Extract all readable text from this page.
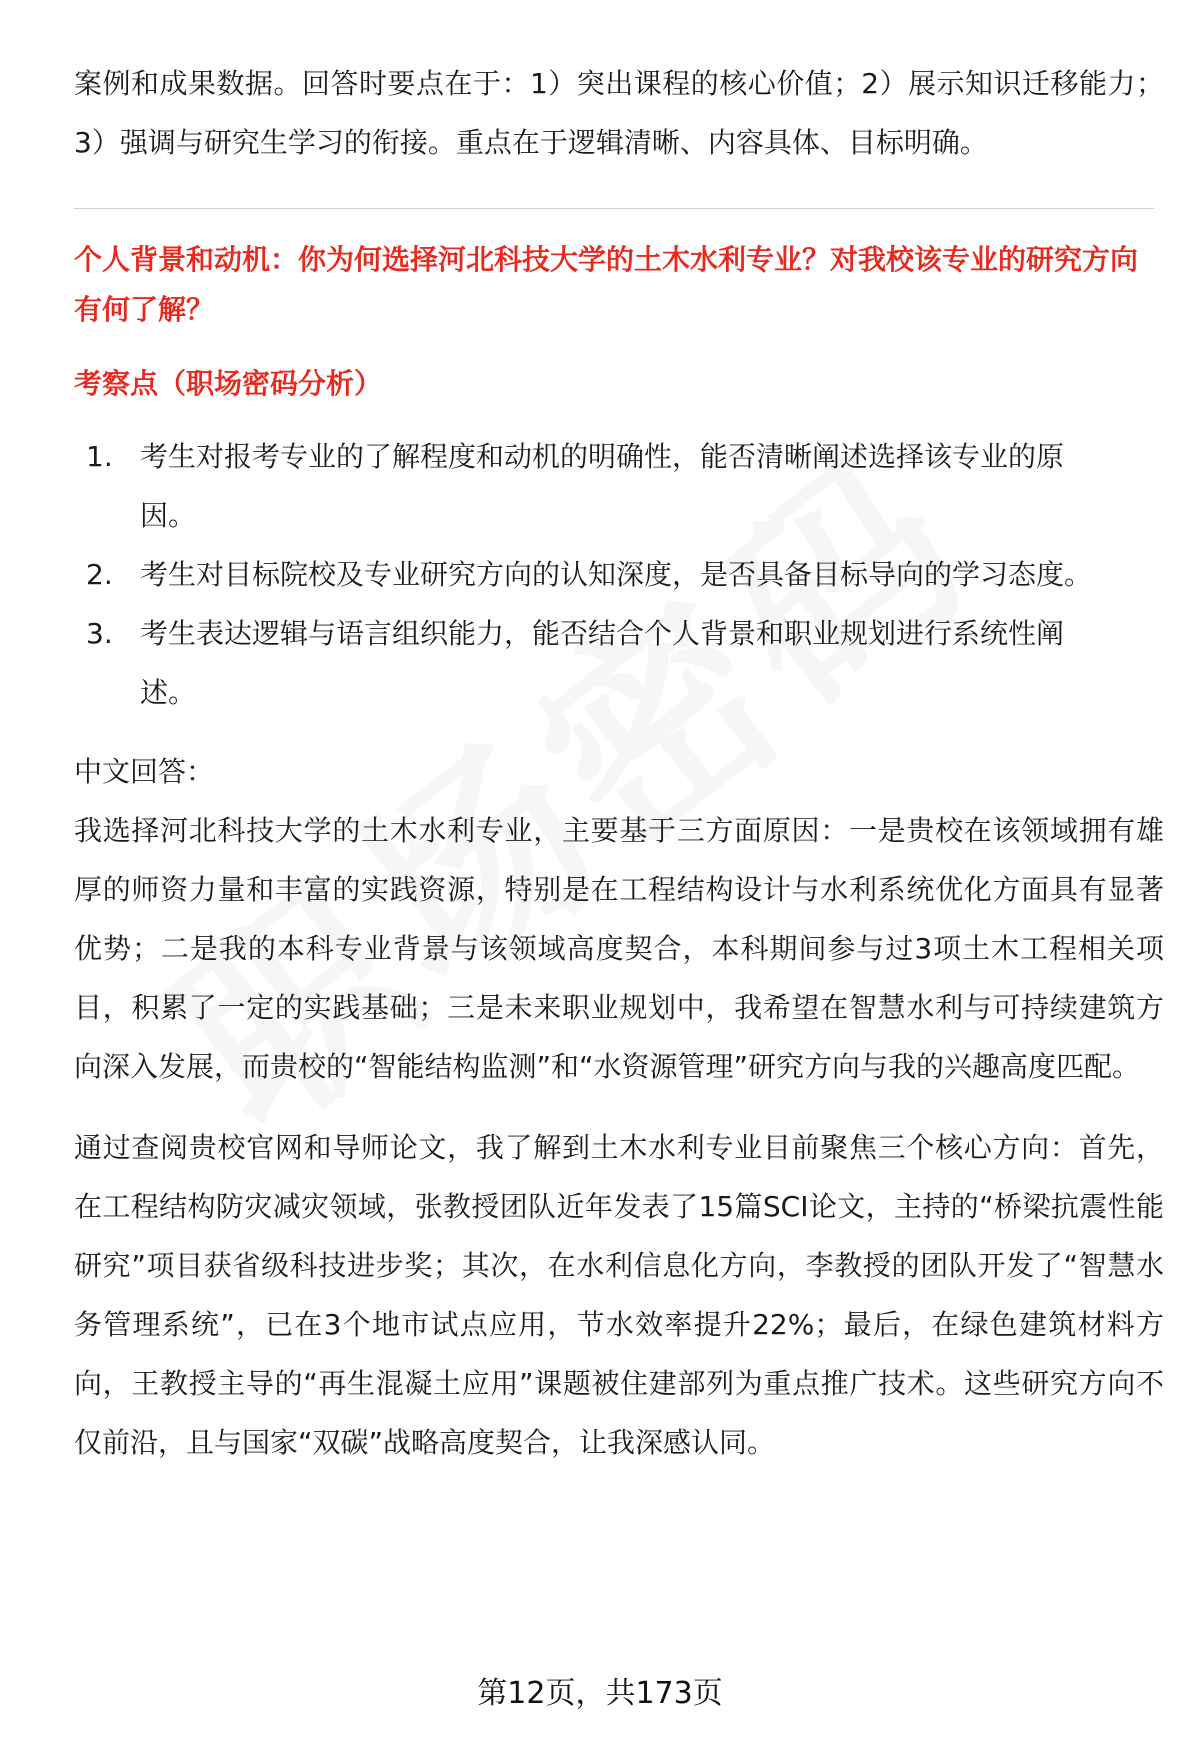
案例和成果数据。回答时要点在于：1）突出课程的核心价值；2）展示知识迁移能力；3）强调与研究生学习的衔接。重点在于逻辑清晰、内容具体、目标明确。

个人背景和动机：你为何选择河北科技大学的土木水利专业？对我校该专业的研究方向有何了解？

考察点（职场密码分析）

1. 考生对报考专业的了解程度和动机的明确性，能否清晰阐述选择该专业的原因。
2. 考生对目标院校及专业研究方向的认知深度，是否具备目标导向的学习态度。
3. 考生表达逻辑与语言组织能力，能否结合个人背景和职业规划进行系统性阐述。

中文回答：

我选择河北科技大学的土木水利专业，主要基于三方面原因：一是贵校在该领域拥有雄厚的师资力量和丰富的实践资源，特别是在工程结构设计与水利系统优化方面具有显著优势；二是我的本科专业背景与该领域高度契合，本科期间参与过3项土木工程相关项目，积累了一定的实践基础；三是未来职业规划中，我希望在智慧水利与可持续建筑方向深入发展，而贵校的“智能结构监测”和“水资源管理”研究方向与我的兴趣高度匹配。

通过查阅贵校官网和导师论文，我了解到土木水利专业目前聚焦三个核心方向：首先，在工程结构防灾减灾领域，张教授团队近年发表了15篇SCI论文，主持的“桥梁抗震性能研究”项目获省级科技进步奖；其次，在水利信息化方向，李教授的团队开发了“智慧水务管理系统”，已在3个地市试点应用，节水效率提升22%；最后，在绿色建筑材料方向，王教授主导的“再生混凝土应用”课题被住建部列为重点推广技术。这些研究方向不仅前沿，且与国家“双碳”战略高度契合，让我深感认同。

第12页，共173页
